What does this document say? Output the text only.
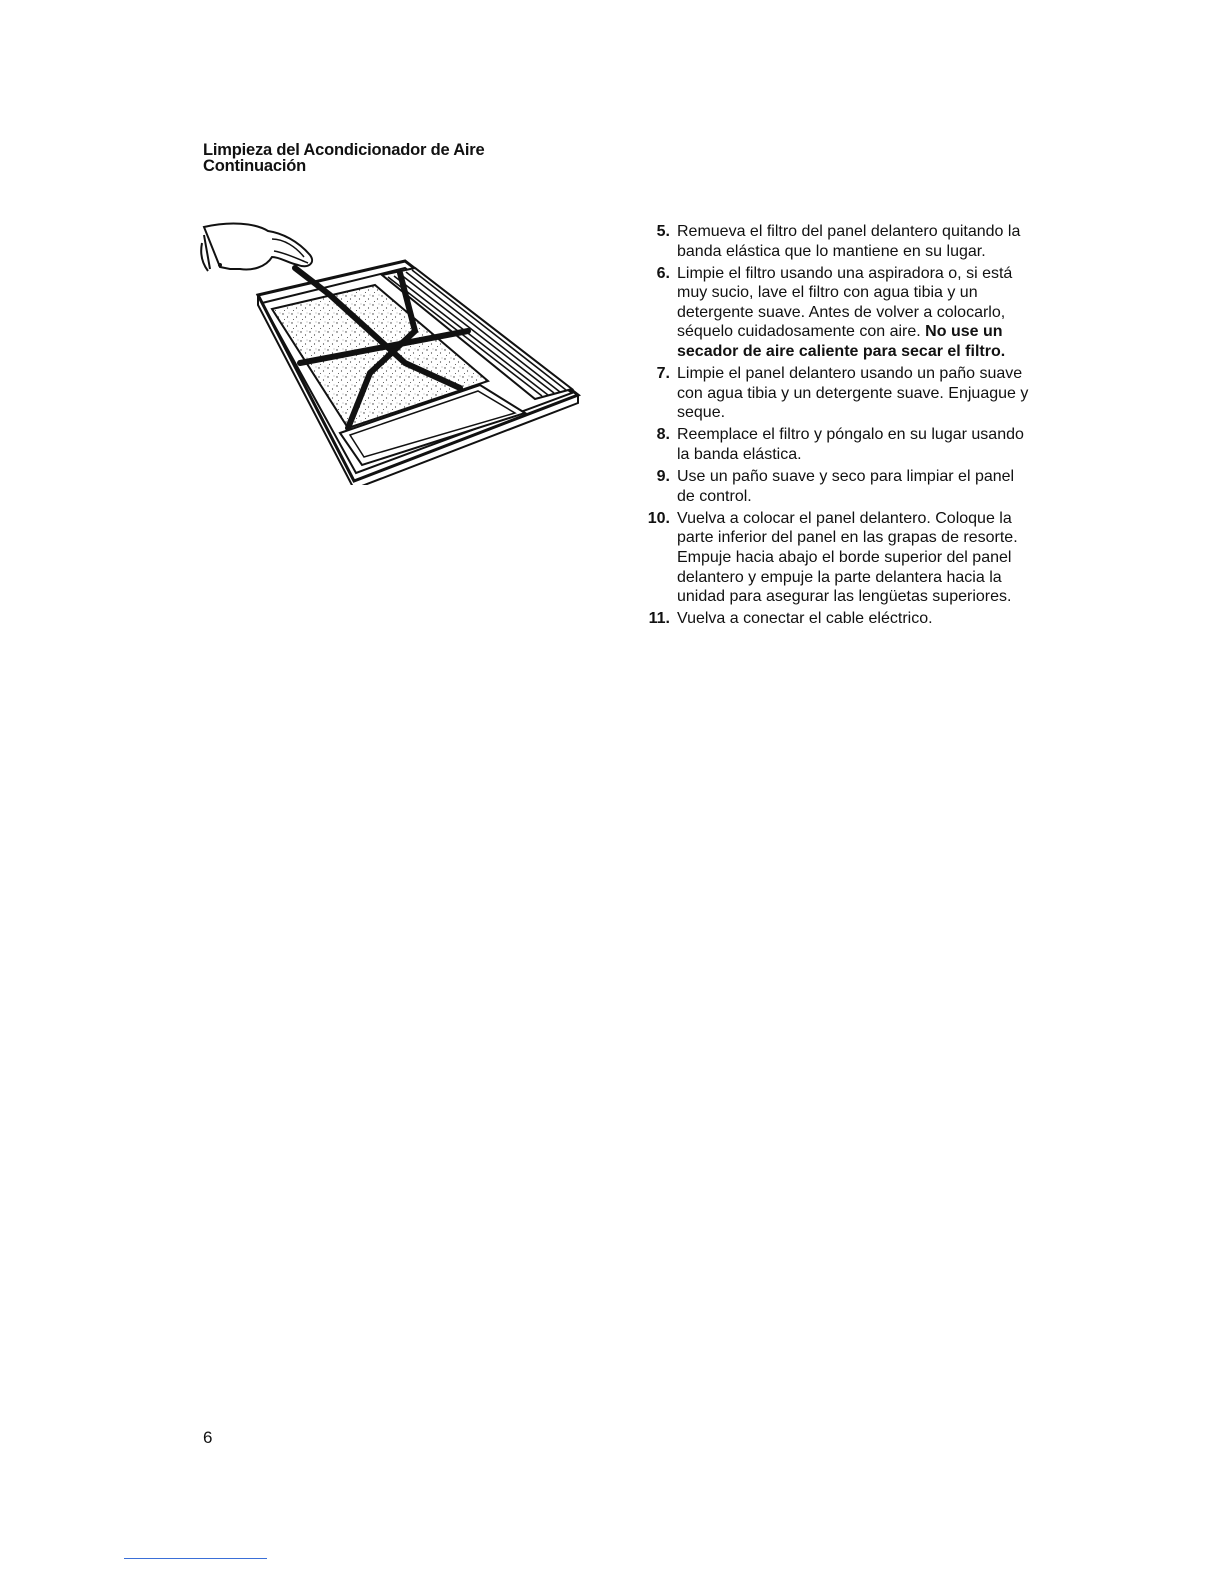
Limpieza del Acondicionador de Aire
Continuación
5. Remueva el filtro del panel delantero quitando la banda elástica que lo mantiene en su lugar.
6. Limpie el filtro usando una aspiradora o, si está muy sucio, lave el filtro con agua tibia y un detergente suave. Antes de volver a colocarlo, séquelo cuidadosamente con aire. No use un secador de aire caliente para secar el filtro.
7. Limpie el panel delantero usando un paño suave con agua tibia y un detergente suave. Enjuague y seque.
8. Reemplace el filtro y póngalo en su lugar usando la banda elástica.
9. Use un paño suave y seco para limpiar el panel de control.
10. Vuelva a colocar el panel delantero. Coloque la parte inferior del panel en las grapas de resorte. Empuje hacia abajo el borde superior del panel delantero y empuje la parte delantera hacia la unidad para asegurar las lengüetas superiores.
11. Vuelva a conectar el cable eléctrico.
6
